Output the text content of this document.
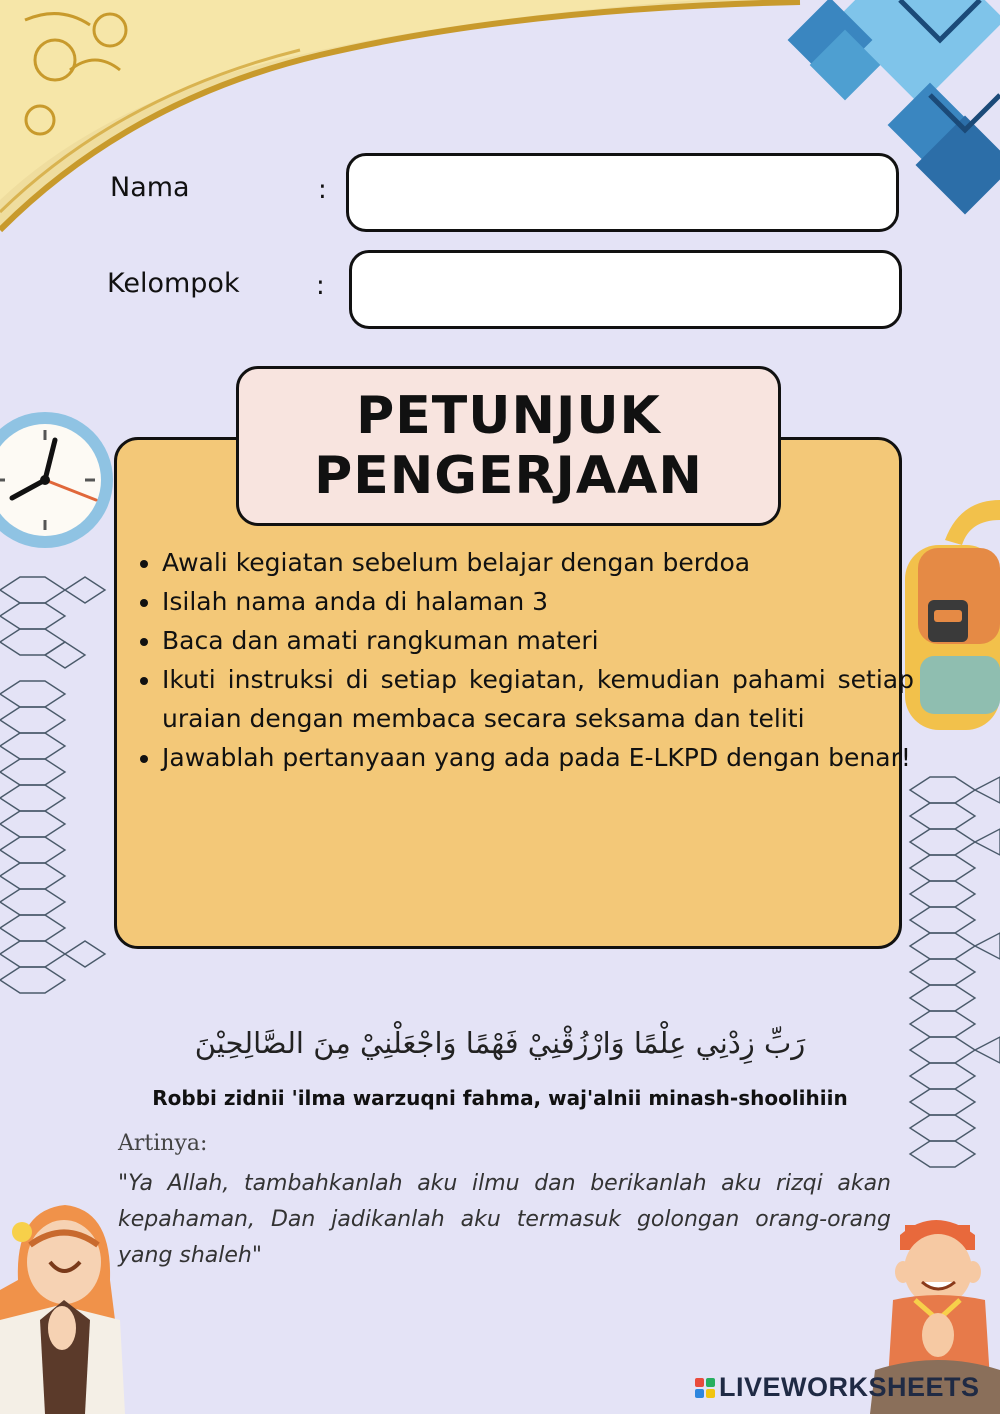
Nama	:
Kelompok	:
PETUNJUK
PENGERJAAN
• Awali kegiatan sebelum belajar dengan berdoa
• Isilah nama anda di halaman 3
• Baca dan amati rangkuman materi
• Ikuti instruksi di setiap kegiatan, kemudian pahami setiap uraian dengan membaca secara seksama dan teliti
• Jawablah pertanyaan yang ada pada E-LKPD dengan benar!
رَبِّ زِدْنِي عِلْمًا وَارْزُقْنِيْ فَهْمًا وَاجْعَلْنِيْ مِنَ الصَّالِحِيْنَ
Robbi zidnii 'ilma warzuqni fahma, waj'alnii minash-shoolihiin
Artinya:
"Ya Allah, tambahkanlah aku ilmu dan berikanlah aku rizqi akan kepahaman, Dan jadikanlah aku termasuk golongan orang-orang yang shaleh"
LIVEWORKSHEETS
